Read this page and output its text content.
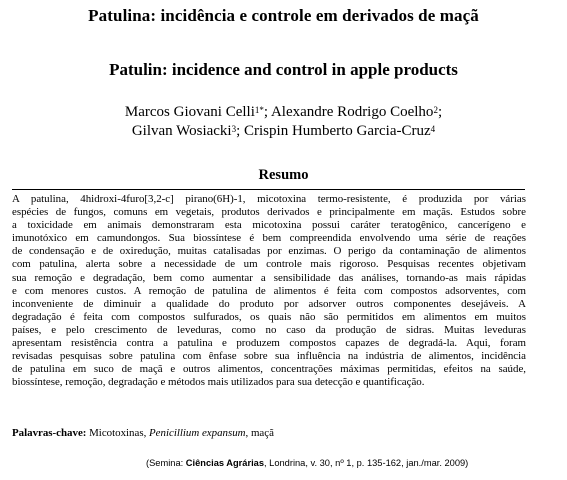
Patulina: incidência e controle em derivados de maçã
Patulin: incidence and control in apple products
Marcos Giovani Celli$^{1*}$; Alexandre Rodrigo Coelho$^2$;
Gilvan Wosiacki$^3$; Crispin Humberto Garcia-Cruz$^4$
Resumo
A patulina, 4hidroxi-4furo[3,2-c] pirano(6H)-1, micotoxina termo-resistente, é produzida por várias
espécies de fungos, comuns em vegetais, produtos derivados e principalmente em maçãs. Estudos sobre
a toxicidade em animais demonstraram esta micotoxina possui caráter teratogênico, cancerígeno e
imunotóxico em camundongos. Sua biossíntese é bem compreendida envolvendo uma série de reações
de condensação e de oxiredução, muitas catalisadas por enzimas. O perigo da contaminação de alimentos
com patulina, alerta sobre a necessidade de um controle mais rigoroso. Pesquisas recentes objetivam
sua remoção e degradação, bem como aumentar a sensibilidade das análises, tornando-as mais rápidas
e com menores custos. A remoção de patulina de alimentos é feita com compostos adsorventes, com
inconveniente de diminuir a qualidade do produto por adsorver outros componentes desejáveis. A
degradação é feita com compostos sulfurados, os quais não são permitidos em alimentos em muitos
países, e pelo crescimento de leveduras, como no caso da produção de sidras. Muitas leveduras
apresentam resistência contra a patulina e produzem compostos capazes de degradá-la. Aqui, foram
revisadas pesquisas sobre patulina com ênfase sobre sua influência na indústria de alimentos, incidência
de patulina em suco de maçã e outros alimentos, concentrações máximas permitidas, efeitos na saúde,
biossíntese, remoção, degradação e métodos mais utilizados para sua detecção e quantificação.
Palavras-chave: Micotoxinas, Penicillium expansum, maçã
(Semina: Ciências Agrárias, Londrina, v. 30, nº 1, p. 135-162, jan./mar. 2009)
